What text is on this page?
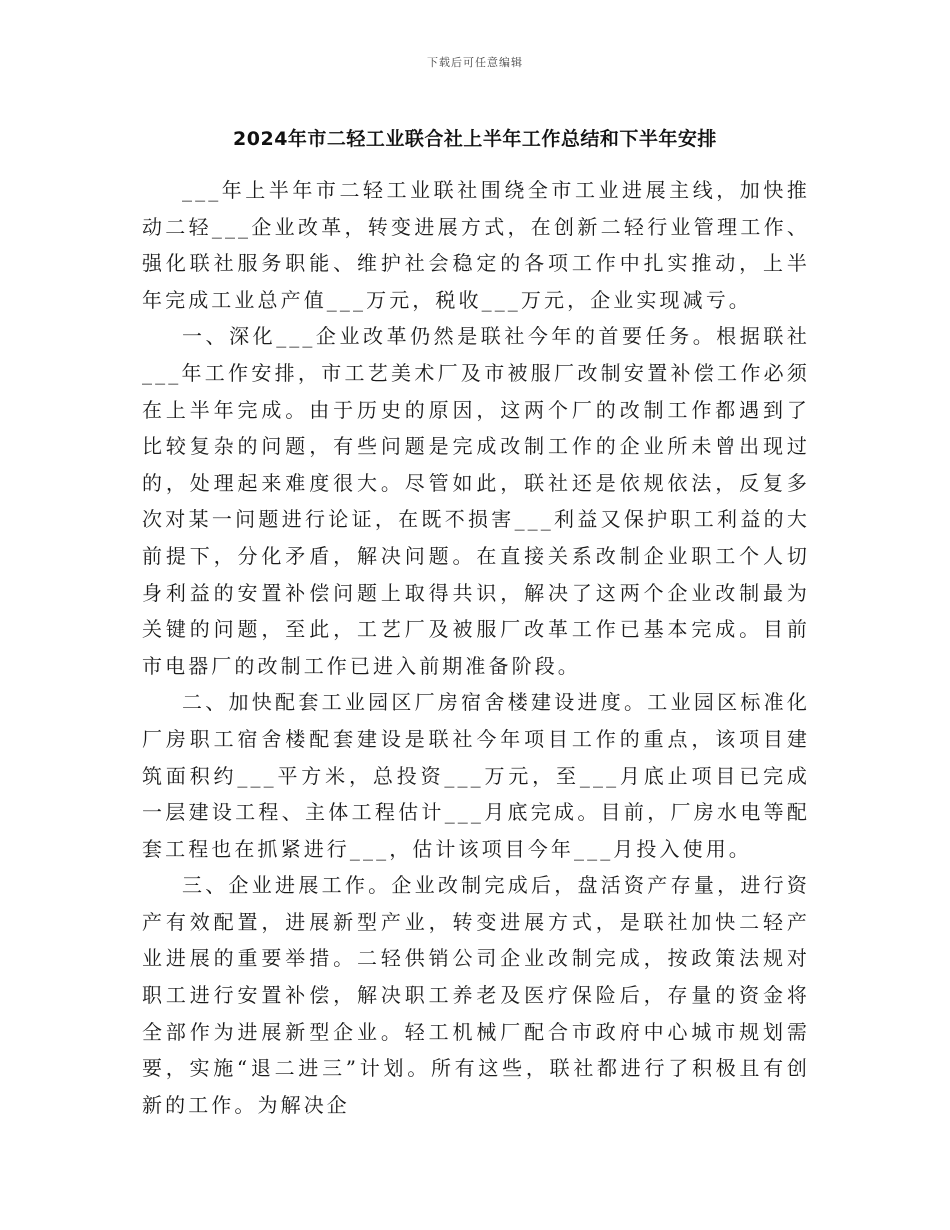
下载后可任意编辑
2024年市二轻工业联合社上半年工作总结和下半年安排

___年上半年市二轻工业联社围绕全市工业进展主线，加快推动二轻___企业改革，转变进展方式，在创新二轻行业管理工作、强化联社服务职能、维护社会稳定的各项工作中扎实推动，上半年完成工业总产值___万元，税收___万元，企业实现减亏。

一、深化___企业改革仍然是联社今年的首要任务。根据联社___年工作安排，市工艺美术厂及市被服厂改制安置补偿工作必须在上半年完成。由于历史的原因，这两个厂的改制工作都遇到了比较复杂的问题，有些问题是完成改制工作的企业所未曾出现过的，处理起来难度很大。尽管如此，联社还是依规依法，反复多次对某一问题进行论证，在既不损害___利益又保护职工利益的大前提下，分化矛盾，解决问题。在直接关系改制企业职工个人切身利益的安置补偿问题上取得共识，解决了这两个企业改制最为关键的问题，至此，工艺厂及被服厂改革工作已基本完成。目前市电器厂的改制工作已进入前期准备阶段。

二、加快配套工业园区厂房宿舍楼建设进度。工业园区标准化厂房职工宿舍楼配套建设是联社今年项目工作的重点，该项目建筑面积约___平方米，总投资___万元，至___月底止项目已完成一层建设工程、主体工程估计___月底完成。目前，厂房水电等配套工程也在抓紧进行___，估计该项目今年___月投入使用。

三、企业进展工作。企业改制完成后，盘活资产存量，进行资产有效配置，进展新型产业，转变进展方式，是联社加快二轻产业进展的重要举措。二轻供销公司企业改制完成，按政策法规对职工进行安置补偿，解决职工养老及医疗保险后，存量的资金将全部作为进展新型企业。轻工机械厂配合市政府中心城市规划需要，实施“退二进三”计划。所有这些，联社都进行了积极且有创新的工作。为解决企
